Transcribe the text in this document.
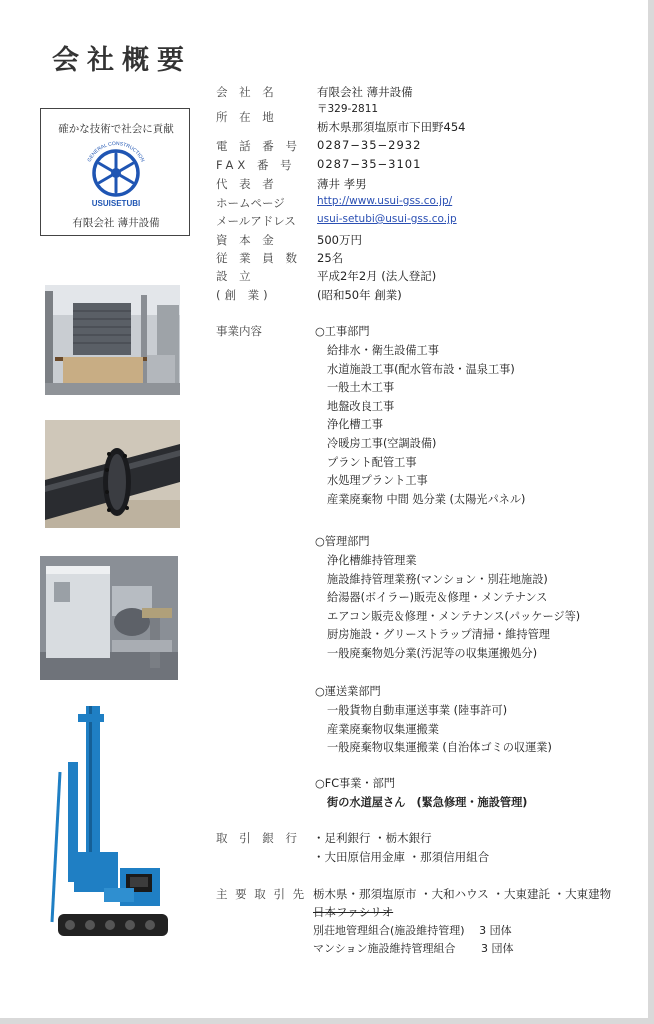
会社概要
確かな技術で社会に貢献
GENERAL CONSTRUCTION
USUISETUBI
有限会社 薄井設備
会 社 名	有限会社 薄井設備
所 在 地
〒329-2811
栃木県那須塩原市下田野454
電 話 番 号 0287−35−2932
FAX 番 号	0287−35−3101
代 表 者	薄井 孝男
ホームページ	http://www.usui-gss.co.jp/
メールアドレス	usui-setubi@usui-gss.co.jp
資 本 金	500万円
従 業 員 数 25名
設 立	平成2年2月 (法人登記)
(創 業)	(昭和50年 創業)
事業内容	○工事部門
給排水・衛生設備工事
水道施設工事(配水管布設・温泉工事)
一般土木工事
地盤改良工事
浄化槽工事
冷暖房工事(空調設備)
プラント配管工事
水処理プラント工事
産業廃棄物 中間 処分業 (太陽光パネル)
○管理部門
浄化槽維持管理業
施設維持管理業務(マンション・別荘地施設)
給湯器(ボイラー)販売＆修理・メンテナンス
エアコン販売＆修理・メンテナンス(パッケージ等)
厨房施設・グリーストラップ清掃・維持管理
一般廃棄物処分業(汚泥等の収集運搬処分)
○運送業部門
一般貨物自動車運送事業 (陸事許可)
産業廃棄物収集運搬業
一般廃棄物収集運搬業 (自治体ゴミの収運業)
○FC事業・部門
街の水道屋さん　(緊急修理・施設管理)
取 引 銀 行 ・足利銀行 ・栃木銀行
・大田原信用金庫 ・那須信用組合
主 要 取 引 先 栃木県・那須塩原市 ・大和ハウス ・大東建託 ・大東建物
日本ファシリオ
別荘地管理組合(施設維持管理)　 3 団体
マンション施設維持管理組合　　 3 団体
